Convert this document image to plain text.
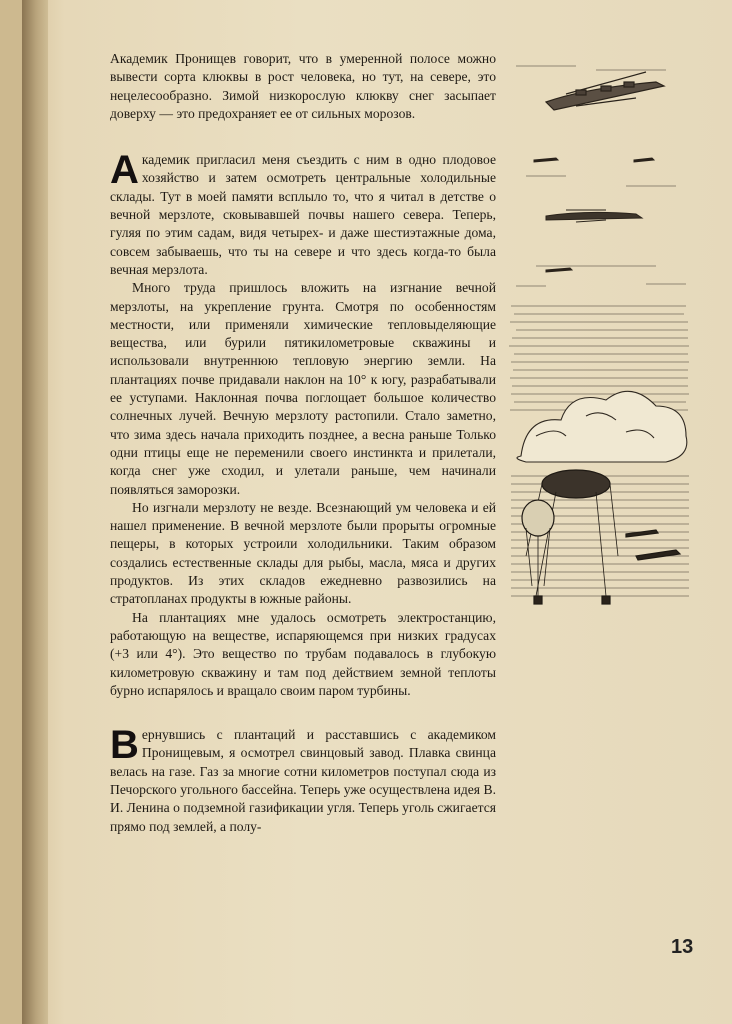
Академик Пронищев говорит, что в умеренной полосе можно вывести сорта клюквы в рост человека, но тут, на севере, это нецелесообразно. Зимой низкорослую клюкву снег засыпает доверху — это предохраняет ее от сильных морозов.

Академик пригласил меня съездить с ним в одно плодовое хозяйство и затем осмотреть центральные холодильные склады. Тут в моей памяти всплыло то, что я читал в детстве о вечной мерзлоте, сковывавшей почвы нашего севера. Теперь, гуляя по этим садам, видя четырех- и даже шестиэтажные дома, совсем забываешь, что ты на севере и что здесь когда-то была вечная мерзлота.

Много труда пришлось вложить на изгнание вечной мерзлоты, на укрепление грунта. Смотря по особенностям местности, или применяли химические тепловыделяющие вещества, или бурили пятикилометровые скважины и использовали внутреннюю тепловую энергию земли. На плантациях почве придавали наклон на 10° к югу, разрабатывали ее уступами. Наклонная почва поглощает большое количество солнечных лучей. Вечную мерзлоту растопили. Стало заметно, что зима здесь начала приходить позднее, а весна раньше Только одни птицы еще не переменили своего инстинкта и прилетали, когда снег уже сходил, и улетали раньше, чем начинали появляться заморозки.

Но изгнали мерзлоту не везде. Всезнающий ум человека и ей нашел применение. В вечной мерзлоте были прорыты огромные пещеры, в которых устроили холодильники. Таким образом создались естественные склады для рыбы, масла, мяса и других продуктов. Из этих складов ежедневно развозились на стратопланах продукты в южные районы.

На плантациях мне удалось осмотреть электростанцию, работающую на веществе, испаряющемся при низких градусах (+3 или 4°). Это вещество по трубам подавалось в глубокую километровую скважину и там под действием земной теплоты бурно испарялось и вращало своим паром турбины.

Вернувшись с плантаций и расставшись с академиком Пронищевым, я осмотрел свинцовый завод. Плавка свинца велась на газе. Газ за многие сотни километров поступал сюда из Печорского угольного бассейна. Теперь уже осуществлена идея В. И. Ленина о подземной газификации угля. Теперь уголь сжигается прямо под землей, а полу-

13
